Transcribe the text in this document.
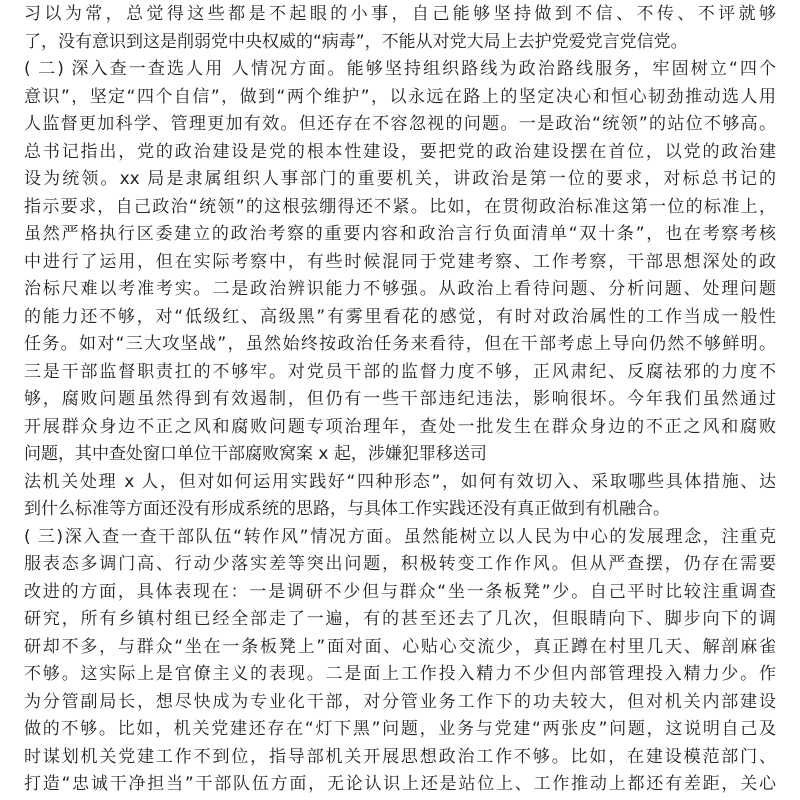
习以为常，总觉得这些都是不起眼的小事，自己能够坚持做到不信、不传、不评就够
了，没有意识到这是削弱党中央权威的“病毒”，不能从对党大局上去护党爱党言党信党。
( 二) 深入查一查选人用 人情况方面。能够坚持组织路线为政治路线服务，牢固树立“四个
意识”，坚定“四个自信”，做到“两个维护”，以永远在路上的坚定决心和恒心韧劲推动选人用
人监督更加科学、管理更加有效。但还存在不容忽视的问题。一是政治“统领”的站位不够高。
总书记指出，党的政治建设是党的根本性建设，要把党的政治建设摆在首位，以党的政治建
设为统领。xx 局是隶属组织人事部门的重要机关，讲政治是第一位的要求，对标总书记的
指示要求，自己政治“统领”的这根弦绷得还不紧。比如，在贯彻政治标准这第一位的标准上，
虽然严格执行区委建立的政治考察的重要内容和政治言行负面清单“双十条”，也在考察考核
中进行了运用，但在实际考察中，有些时候混同于党建考察、工作考察，干部思想深处的政
治标尺难以考准考实。二是政治辨识能力不够强。从政治上看待问题、分析问题、处理问题
的能力还不够，对“低级红、高级黑”有雾里看花的感觉，有时对政治属性的工作当成一般性
任务。如对“三大攻坚战”，虽然始终按政治任务来看待，但在干部考虑上导向仍然不够鲜明。
三是干部监督职责扛的不够牢。对党员干部的监督力度不够，正风肃纪、反腐祛邪的力度不
够，腐败问题虽然得到有效遏制，但仍有一些干部违纪违法，影响很坏。今年我们虽然通过
开展群众身边不正之风和腐败问题专项治理年，查处一批发生在群众身边的不正之风和腐败
问题，其中查处窗口单位干部腐败窝案 x 起，涉嫌犯罪移送司
法机关处理 x 人，但对如何运用实践好“四种形态”，如何有效切入、采取哪些具体措施、达
到什么标准等方面还没有形成系统的思路，与具体工作实践还没有真正做到有机融合。
( 三)深入查一查干部队伍“转作风”情况方面。虽然能树立以人民为中心的发展理念，注重克
服表态多调门高、行动少落实差等突出问题，积极转变工作作风。但从严查摆，仍存在需要
改进的方面，具体表现在：一是调研不少但与群众“坐一条板凳”少。自己平时比较注重调查
研究，所有乡镇村组已经全部走了一遍，有的甚至还去了几次，但眼睛向下、脚步向下的调
研却不多，与群众“坐在一条板凳上”面对面、心贴心交流少，真正蹲在村里几天、解剖麻雀
不够。这实际上是官僚主义的表现。二是面上工作投入精力不少但内部管理投入精力少。作
为分管副局长，想尽快成为专业化干部，对分管业务工作下的功夫较大，但对机关内部建设
做的不够。比如，机关党建还存在“灯下黑”问题，业务与党建“两张皮”问题，这说明自己及
时谋划机关党建工作不到位，指导部机关开展思想政治工作不够。比如，在建设模范部门、
打造“忠诚干净担当”干部队伍方面，无论认识上还是站位上、工作推动上都还有差距，关心
